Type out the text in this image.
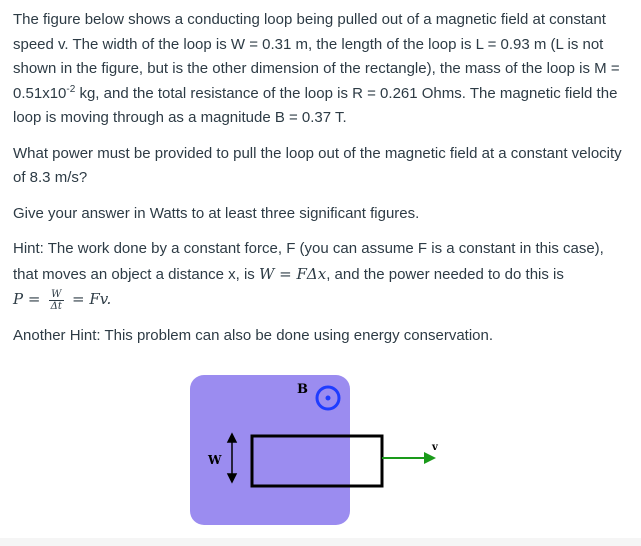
The figure below shows a conducting loop being pulled out of a magnetic field at constant speed v. The width of the loop is W = 0.31 m, the length of the loop is L = 0.93 m (L is not shown in the figure, but is the other dimension of the rectangle), the mass of the loop is $M = 0.51x10^{-2}$ kg, and the total resistance of the loop is R = 0.261 Ohms. The magnetic field the loop is moving through as a magnitude B = 0.37 T.

What power must be provided to pull the loop out of the magnetic field at a constant velocity of 8.3 m/s?

Give your answer in Watts to at least three significant figures.

Hint: The work done by a constant force, F (you can assume F is a constant in this case), that moves an object a distance x, is W = FΔx, and the power needed to do this is
$P = \frac{W}{\Delta t} = Fv$.

Another Hint: This problem can also be done using energy conservation.

B
W
v
